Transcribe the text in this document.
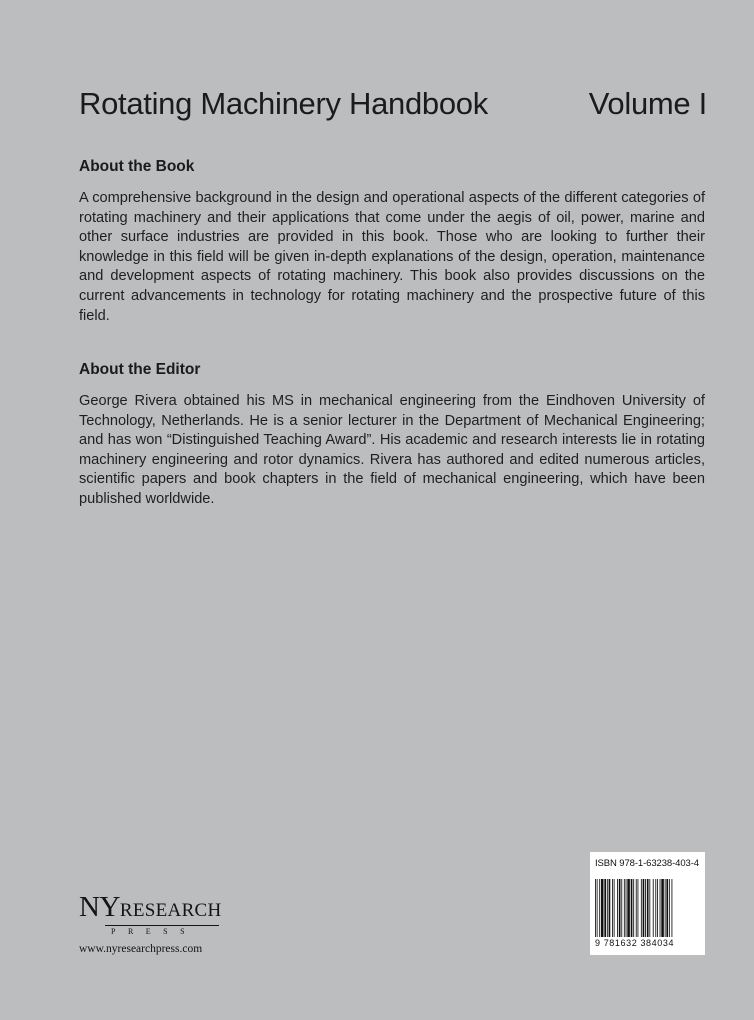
Rotating Machinery Handbook	Volume I
About the Book
A comprehensive background in the design and operational aspects of the different categories of rotating machinery and their applications that come under the aegis of oil, power, marine and other surface industries are provided in this book. Those who are looking to further their knowledge in this field will be given in-depth explanations of the design, operation, maintenance and development aspects of rotating machinery. This book also provides discussions on the current advancements in technology for rotating machinery and the prospective future of this field.
About the Editor
George Rivera obtained his MS in mechanical engineering from the Eindhoven University of Technology, Netherlands. He is a senior lecturer in the Department of Mechanical Engineering; and has won “Distinguished Teaching Award”. His academic and research interests lie in rotating machinery engineering and rotor dynamics. Rivera has authored and edited numerous articles, scientific papers and book chapters in the field of mechanical engineering, which have been published worldwide.
NYRESEARCH
PRESS
www.nyresearchpress.com
ISBN 978-1-63238-403-4
9 781632 384034
